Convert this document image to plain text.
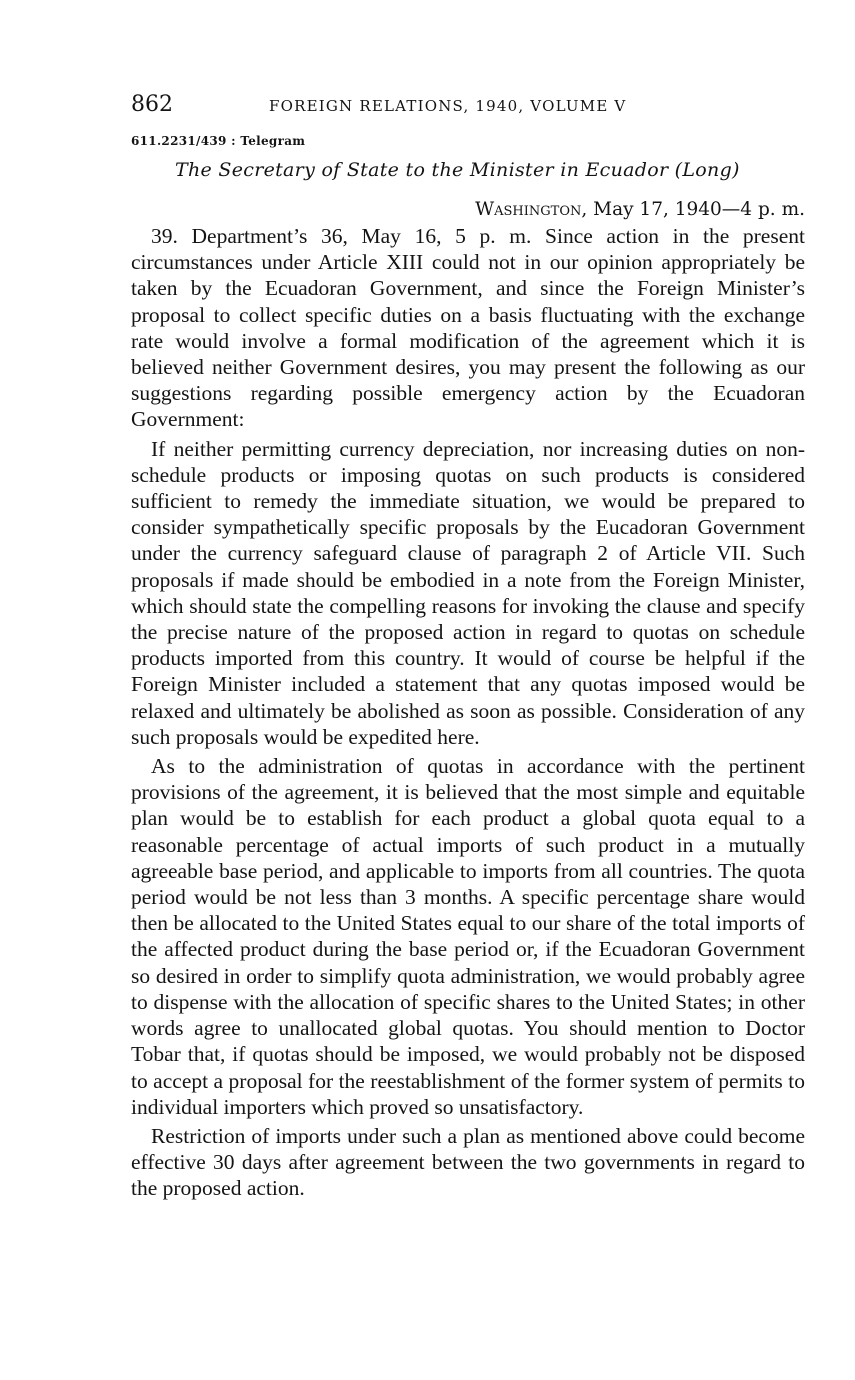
862	FOREIGN RELATIONS, 1940, VOLUME V
611.2231/439 : Telegram
The Secretary of State to the Minister in Ecuador (Long)
Washington, May 17, 1940—4 p. m.

39. Department’s 36, May 16, 5 p. m. Since action in the present circumstances under Article XIII could not in our opinion appropriately be taken by the Ecuadoran Government, and since the Foreign Minister’s proposal to collect specific duties on a basis fluctuating with the exchange rate would involve a formal modification of the agreement which it is believed neither Government desires, you may present the following as our suggestions regarding possible emergency action by the Ecuadoran Government:

If neither permitting currency depreciation, nor increasing duties on non-schedule products or imposing quotas on such products is considered sufficient to remedy the immediate situation, we would be prepared to consider sympathetically specific proposals by the Eucadoran Government under the currency safeguard clause of paragraph 2 of Article VII. Such proposals if made should be embodied in a note from the Foreign Minister, which should state the compelling reasons for invoking the clause and specify the precise nature of the proposed action in regard to quotas on schedule products imported from this country. It would of course be helpful if the Foreign Minister included a statement that any quotas imposed would be relaxed and ultimately be abolished as soon as possible. Consideration of any such proposals would be expedited here.

As to the administration of quotas in accordance with the pertinent provisions of the agreement, it is believed that the most simple and equitable plan would be to establish for each product a global quota equal to a reasonable percentage of actual imports of such product in a mutually agreeable base period, and applicable to imports from all countries. The quota period would be not less than 3 months. A specific percentage share would then be allocated to the United States equal to our share of the total imports of the affected product during the base period or, if the Ecuadoran Government so desired in order to simplify quota administration, we would probably agree to dispense with the allocation of specific shares to the United States; in other words agree to unallocated global quotas. You should mention to Doctor Tobar that, if quotas should be imposed, we would probably not be disposed to accept a proposal for the reestablishment of the former system of permits to individual importers which proved so unsatisfactory.

Restriction of imports under such a plan as mentioned above could become effective 30 days after agreement between the two governments in regard to the proposed action.
